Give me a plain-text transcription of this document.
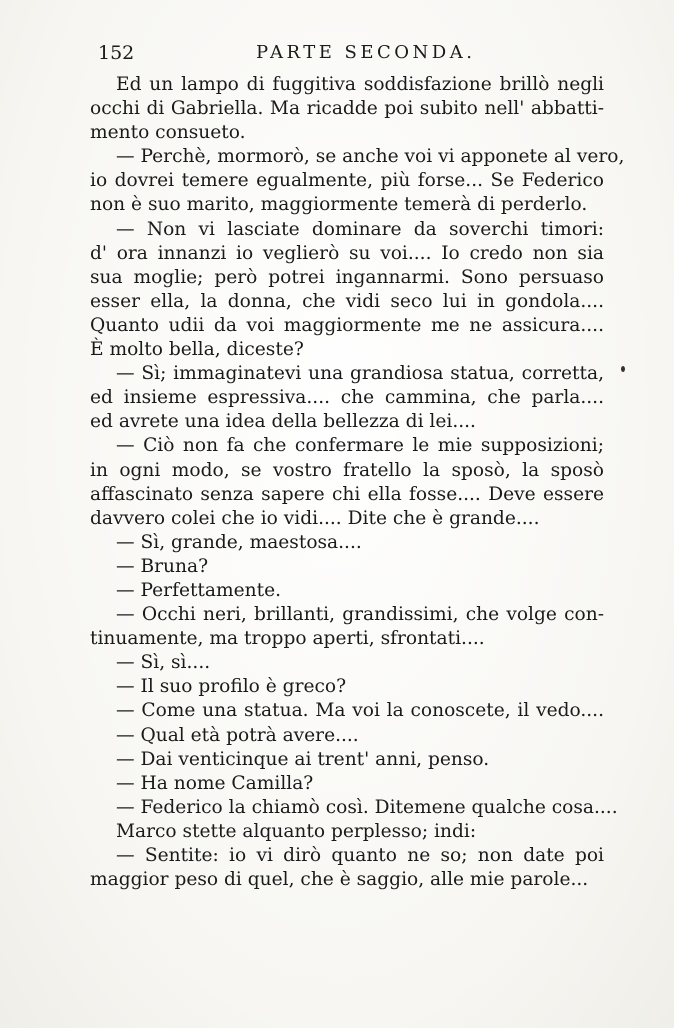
152	PARTE SECONDA.
Ed un lampo di fuggitiva soddisfazione brillò negli
occhi di Gabriella. Ma ricadde poi subito nell' abbatti-
mento consueto.
— Perchè, mormorò, se anche voi vi apponete al vero,
io dovrei temere egualmente, più forse... Se Federico
non è suo marito, maggiormente temerà di perderlo.
— Non vi lasciate dominare da soverchi timori:
d' ora innanzi io veglierò su voi.... Io credo non sia
sua moglie; però potrei ingannarmi. Sono persuaso
esser ella, la donna, che vidi seco lui in gondola....
Quanto udii da voi maggiormente me ne assicura....
È molto bella, diceste?
— Sì; immaginatevi una grandiosa statua, corretta,
ed insieme espressiva.... che cammina, che parla....
ed avrete una idea della bellezza di lei....
— Ciò non fa che confermare le mie supposizioni;
in ogni modo, se vostro fratello la sposò, la sposò
affascinato senza sapere chi ella fosse.... Deve essere
davvero colei che io vidi.... Dite che è grande....
— Sì, grande, maestosa....
— Bruna?
— Perfettamente.
— Occhi neri, brillanti, grandissimi, che volge con-
tinuamente, ma troppo aperti, sfrontati....
— Sì, sì....
— Il suo profilo è greco?
— Come una statua. Ma voi la conoscete, il vedo....
— Qual età potrà avere....
— Dai venticinque ai trent' anni, penso.
— Ha nome Camilla?
— Federico la chiamò così. Ditemene qualche cosa....
Marco stette alquanto perplesso; indi:
— Sentite: io vi dirò quanto ne so; non date poi
maggior peso di quel, che è saggio, alle mie parole...
